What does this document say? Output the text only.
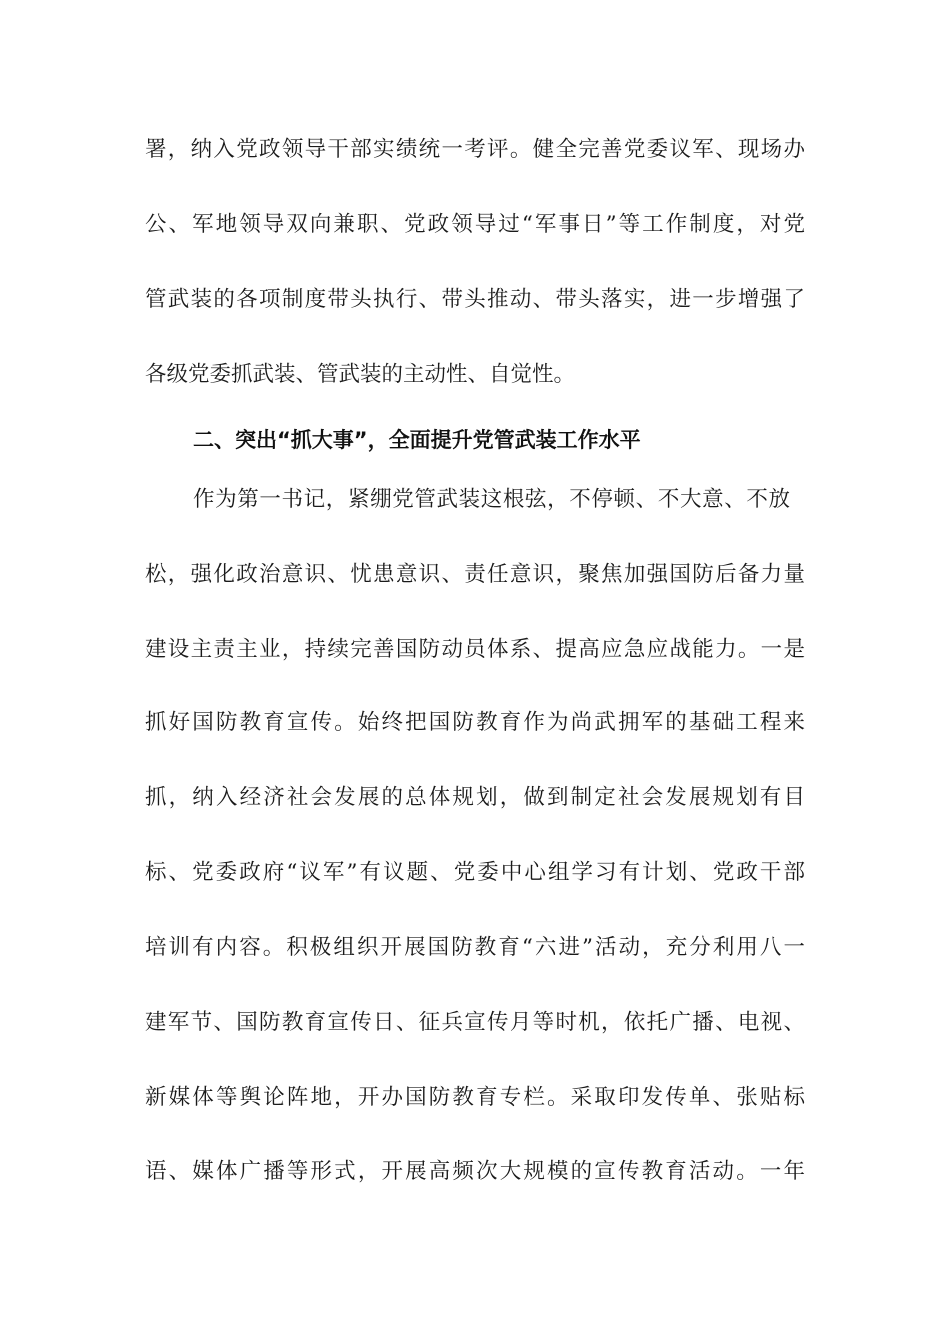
署，纳入党政领导干部实绩统一考评。健全完善党委议军、现场办
公、军地领导双向兼职、党政领导过“军事日”等工作制度，对党
管武装的各项制度带头执行、带头推动、带头落实，进一步增强了
各级党委抓武装、管武装的主动性、自觉性。
二、突出“抓大事”，全面提升党管武装工作水平
作为第一书记，紧绷党管武装这根弦，不停顿、不大意、不放
松，强化政治意识、忧患意识、责任意识，聚焦加强国防后备力量
建设主责主业，持续完善国防动员体系、提高应急应战能力。一是
抓好国防教育宣传。始终把国防教育作为尚武拥军的基础工程来
抓，纳入经济社会发展的总体规划，做到制定社会发展规划有目
标、党委政府“议军”有议题、党委中心组学习有计划、党政干部
培训有内容。积极组织开展国防教育“六进”活动，充分利用八一
建军节、国防教育宣传日、征兵宣传月等时机，依托广播、电视、
新媒体等舆论阵地，开办国防教育专栏。采取印发传单、张贴标
语、媒体广播等形式，开展高频次大规模的宣传教育活动。一年
